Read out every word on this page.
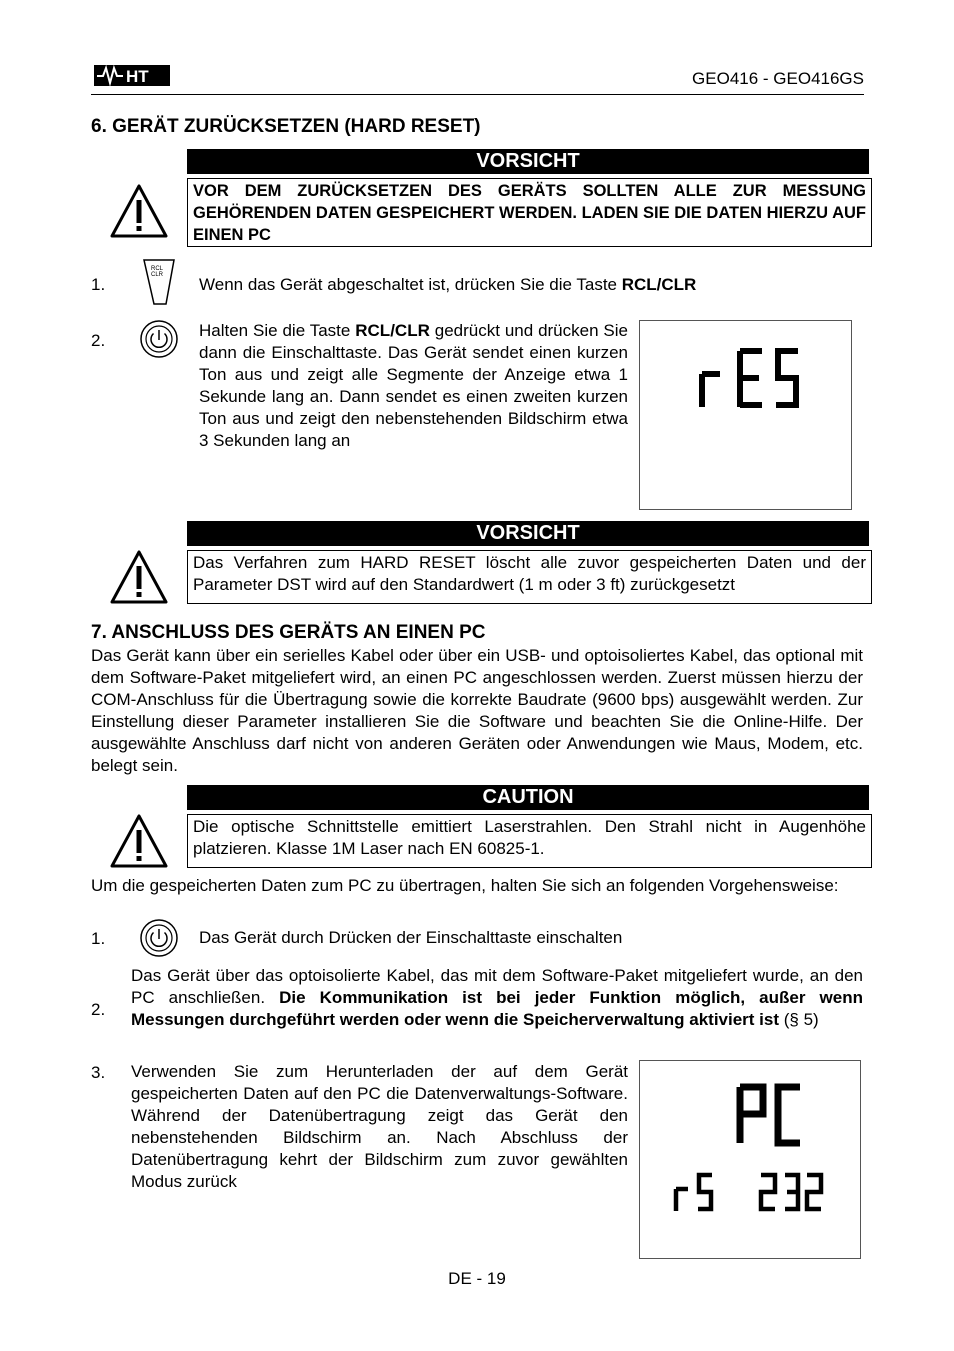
HT	GEO416 - GEO416GS
6. GERÄT ZURÜCKSETZEN (HARD RESET)
VORSICHT
VOR DEM ZURÜCKSETZEN DES GERÄTS SOLLTEN ALLE ZUR MESSUNG GEHÖRENDEN DATEN GESPEICHERT WERDEN. LADEN SIE DIE DATEN HIERZU AUF EINEN PC
1.
RCL
CLR Wenn das Gerät abgeschaltet ist, drücken Sie die Taste RCL/CLR

2.

Halten Sie die Taste RCL/CLR gedrückt und drücken Sie dann die Einschalttaste. Das Gerät sendet einen kurzen Ton aus und zeigt alle Segmente der Anzeige etwa 1 Sekunde lang an. Dann sendet es einen zweiten kurzen Ton aus und zeigt den nebenstehenden Bildschirm etwa 3 Sekunden lang an

VORSICHT
Das Verfahren zum HARD RESET löscht alle zuvor gespeicherten Daten und der Parameter DST wird auf den Standardwert (1 m oder 3 ft) zurückgesetzt
7. ANSCHLUSS DES GERÄTS AN EINEN PC

Das Gerät kann über ein serielles Kabel oder über ein USB- und optoisoliertes Kabel, das optional mit dem Software-Paket mitgeliefert wird, an einen PC angeschlossen werden. Zuerst müssen hierzu der COM-Anschluss für die Übertragung sowie die korrekte Baudrate (9600 bps) ausgewählt werden. Zur Einstellung dieser Parameter installieren Sie die Software und beachten Sie die Online-Hilfe. Der ausgewählte Anschluss darf nicht von anderen Geräten oder Anwendungen wie Maus, Modem, etc. belegt sein.

CAUTION
Die optische Schnittstelle emittiert Laserstrahlen. Den Strahl nicht in Augenhöhe platzieren. Klasse 1M Laser nach EN 60825-1.

Um die gespeicherten Daten zum PC zu übertragen, halten Sie sich an folgenden Vorgehensweise:

1.	Das Gerät durch Drücken der Einschalttaste einschalten

2.

Das Gerät über das optoisolierte Kabel, das mit dem Software-Paket mitgeliefert wurde, an den PC anschließen. Die Kommunikation ist bei jeder Funktion möglich, außer wenn Messungen durchgeführt werden oder wenn die Speicherverwaltung aktiviert ist (§ 5)

3. Verwenden Sie zum Herunterladen der auf dem Gerät gespeicherten Daten auf den PC die Datenverwaltungs-Software. Während der Datenübertragung zeigt das Gerät den nebenstehenden Bildschirm an. Nach Abschluss der Datenübertragung kehrt der Bildschirm zum zuvor gewählten Modus zurück

DE - 19
